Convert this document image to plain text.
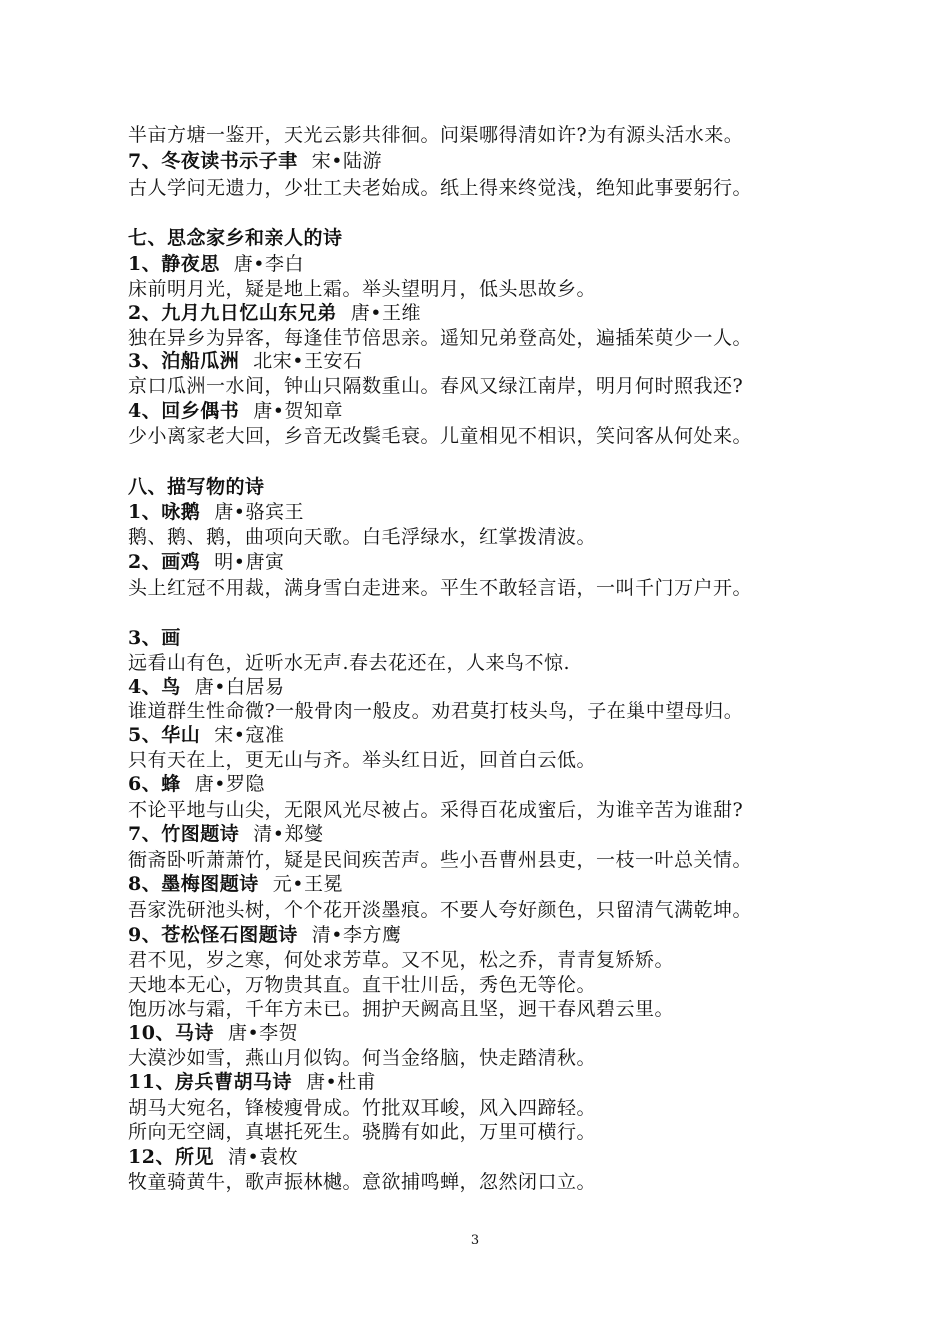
半亩方塘一鉴开，天光云影共徘徊。问渠哪得清如许?为有源头活水来。
7、冬夜读书示子聿 宋•陆游
古人学问无遗力，少壮工夫老始成。纸上得来终觉浅，绝知此事要躬行。
七、思念家乡和亲人的诗
1、静夜思 唐•李白
床前明月光，疑是地上霜。举头望明月，低头思故乡。
2、九月九日忆山东兄弟 唐•王维
独在异乡为异客，每逢佳节倍思亲。遥知兄弟登高处，遍插茱萸少一人。
3、泊船瓜洲 北宋•王安石
京口瓜洲一水间，钟山只隔数重山。春风又绿江南岸，明月何时照我还?
4、回乡偶书 唐•贺知章
少小离家老大回，乡音无改鬓毛衰。儿童相见不相识，笑问客从何处来。
八、描写物的诗
1、咏鹅 唐•骆宾王
鹅、鹅、鹅，曲项向天歌。白毛浮绿水，红掌拨清波。
2、画鸡 明•唐寅
头上红冠不用裁，满身雪白走进来。平生不敢轻言语，一叫千门万户开。
3、画
远看山有色，近听水无声.春去花还在，人来鸟不惊.
4、鸟 唐•白居易
谁道群生性命微?一般骨肉一般皮。劝君莫打枝头鸟，子在巢中望母归。
5、华山 宋•寇准
只有天在上，更无山与齐。举头红日近，回首白云低。
6、蜂 唐•罗隐
不论平地与山尖，无限风光尽被占。采得百花成蜜后，为谁辛苦为谁甜?
7、竹图题诗 清•郑燮
衙斋卧听萧萧竹，疑是民间疾苦声。些小吾曹州县吏，一枝一叶总关情。
8、墨梅图题诗 元•王冕
吾家洗研池头树，个个花开淡墨痕。不要人夸好颜色，只留清气满乾坤。
9、苍松怪石图题诗 清•李方鹰
君不见，岁之寒，何处求芳草。又不见，松之乔，青青复矫矫。
天地本无心，万物贵其直。直干壮川岳，秀色无等伦。
饱历冰与霜，千年方未已。拥护天阙高且坚，迥干春风碧云里。
10、马诗 唐•李贺
大漠沙如雪，燕山月似钩。何当金络脑，快走踏清秋。
11、房兵曹胡马诗 唐•杜甫
胡马大宛名，锋棱瘦骨成。竹批双耳峻，风入四蹄轻。
所向无空阔，真堪托死生。骁腾有如此，万里可横行。
12、所见 清•袁枚
牧童骑黄牛，歌声振林樾。意欲捕鸣蝉，忽然闭口立。
3
